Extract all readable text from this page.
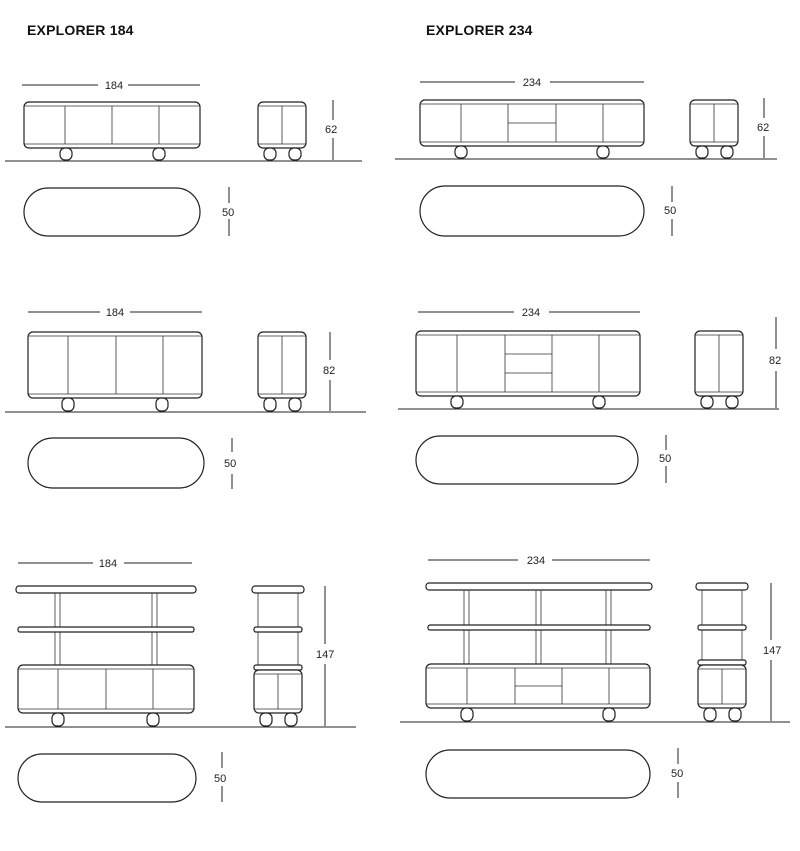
EXPLORER 184	EXPLORER 234
184
62
50
234
62
50
184
82
50
234
82
50
184
147
50
234
147
50
